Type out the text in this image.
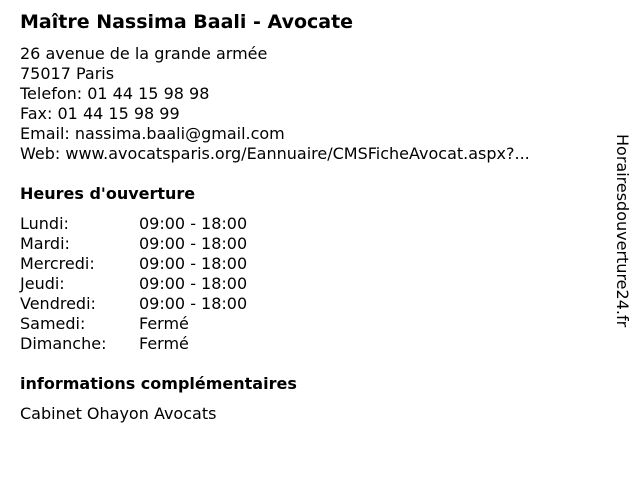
Maître Nassima Baali - Avocate
26 avenue de la grande armée
75017 Paris
Telefon: 01 44 15 98 98
Fax: 01 44 15 98 99
Email: nassima.baali@gmail.com
Web: www.avocatsparis.org/Eannuaire/CMSFicheAvocat.aspx?...
Heures d'ouverture
Lundi:	09:00 - 18:00
Mardi:	09:00 - 18:00
Mercredi:	09:00 - 18:00
Jeudi:	09:00 - 18:00
Vendredi:	09:00 - 18:00
Samedi:	Fermé
Dimanche: Fermé
informations complémentaires
Cabinet Ohayon Avocats
Horairesdouverture24.fr
